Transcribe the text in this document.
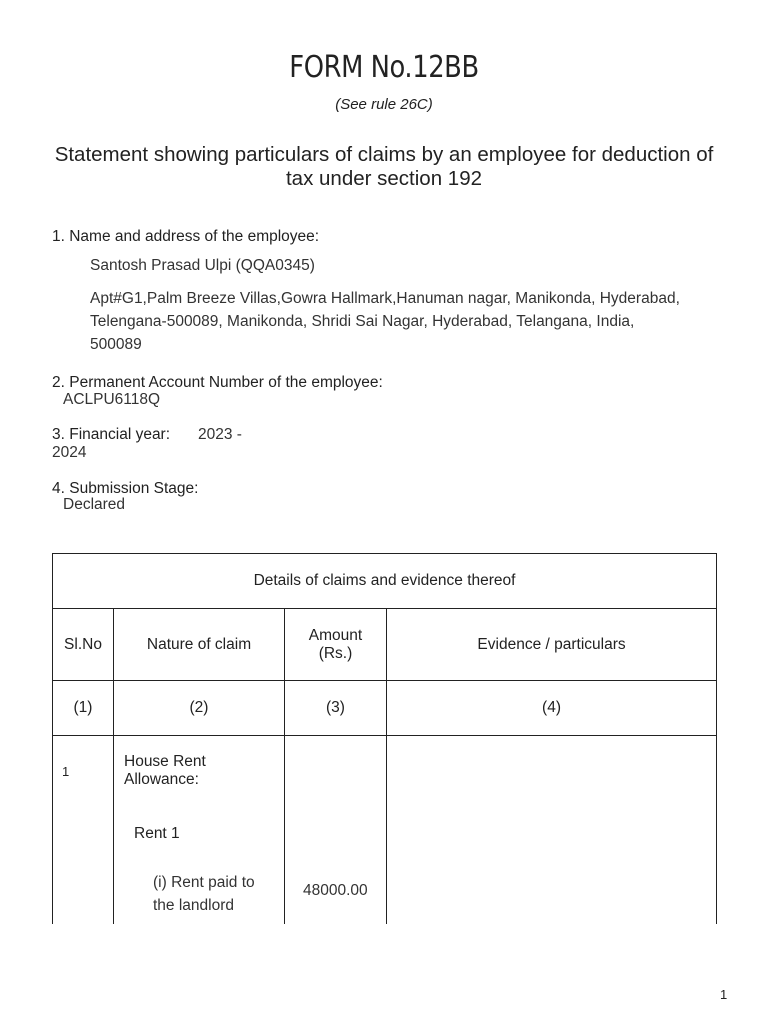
FORM No.12BB
(See rule 26C)
Statement showing particulars of claims by an employee for deduction of tax under section 192
1. Name and address of the employee:
Santosh Prasad Ulpi (QQA0345)
Apt#G1,Palm Breeze Villas,Gowra Hallmark,Hanuman nagar, Manikonda, Hyderabad, Telengana-500089, Manikonda, Shridi Sai Nagar, Hyderabad, Telangana, India, 500089
2. Permanent Account Number of the employee:
ACLPU6118Q
3. Financial year: 2023 -
2024
4. Submission Stage:
Declared
Details of claims and evidence thereof			
Sl.No	Nature of claim	Amount (Rs.)	Evidence / particulars
(1)	(2)	(3)	(4)

1	House Rent Allowance:
Rent 1
(i) Rent paid to the landlord	48000.00	

1
